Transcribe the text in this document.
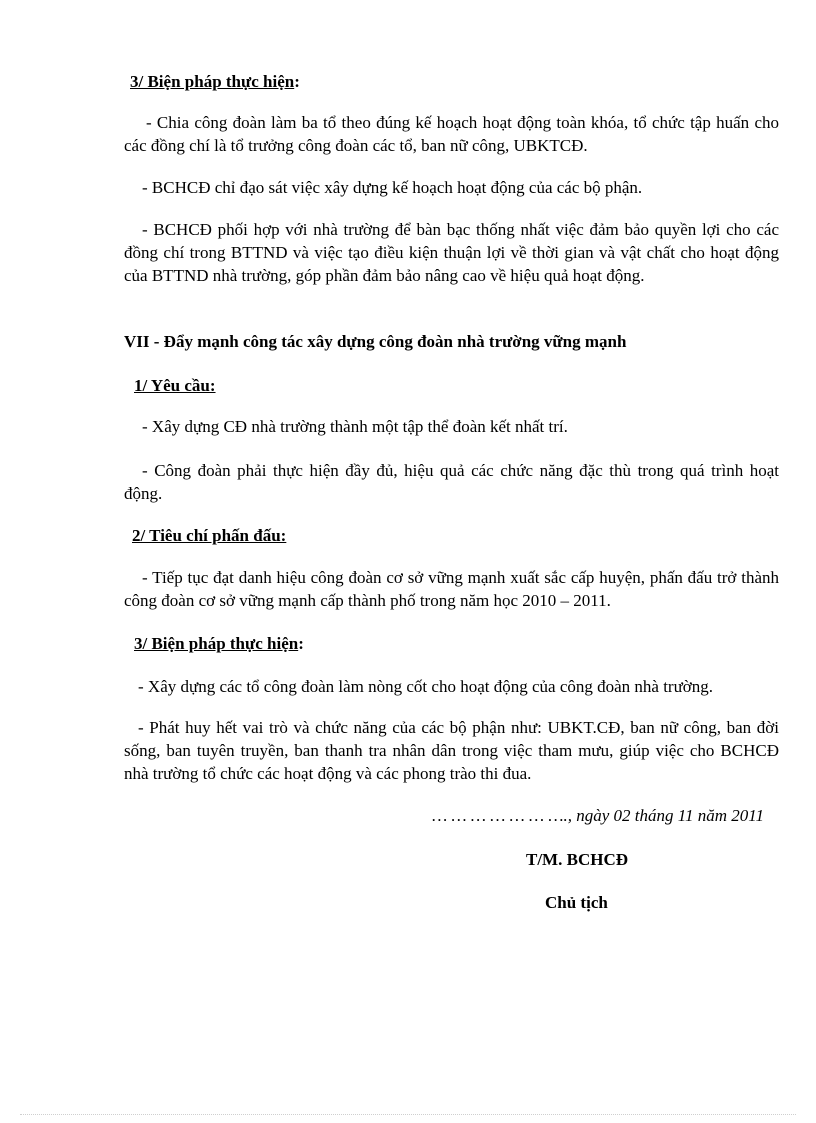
3/ Biện pháp thực hiện:

- Chia công đoàn làm ba tổ theo đúng kế hoạch hoạt động toàn khóa, tổ chức tập huấn cho các đồng chí là tổ trưởng công đoàn các tổ, ban nữ công, UBKTCĐ.

- BCHCĐ chỉ đạo sát việc xây dựng kế hoạch hoạt động của các bộ phận.

- BCHCĐ phối hợp với nhà trường để bàn bạc thống nhất việc đảm bảo quyền lợi cho các đồng chí trong BTTND và việc tạo điều kiện thuận lợi về thời gian và vật chất cho hoạt động của BTTND nhà trường, góp phần đảm bảo nâng cao về hiệu quả hoạt động.

VII - Đẩy mạnh công tác xây dựng công đoàn nhà trường vững mạnh

1/ Yêu cầu:

- Xây dựng CĐ nhà trường thành một tập thể đoàn kết nhất trí.

- Công đoàn phải thực hiện đầy đủ, hiệu quả các chức năng đặc thù trong quá trình hoạt động.

2/ Tiêu chí phấn đấu:

- Tiếp tục đạt danh hiệu công đoàn cơ sở vững mạnh xuất sắc cấp huyện, phấn đấu trở thành công đoàn cơ sở vững mạnh cấp thành phố trong năm học 2010 – 2011.

3/ Biện pháp thực hiện:

- Xây dựng các tổ công đoàn làm nòng cốt cho hoạt động của công đoàn nhà trường.

- Phát huy hết vai trò và chức năng của các bộ phận như: UBKT.CĐ, ban nữ công, ban đời sống, ban tuyên truyền, ban thanh tra nhân dân trong việc tham mưu, giúp việc cho BCHCĐ nhà trường tổ chức các hoạt động và các phong trào thi đua.

… … … … … … …., ngày 02 tháng 11 năm 2011

T/M. BCHCĐ

Chủ tịch
